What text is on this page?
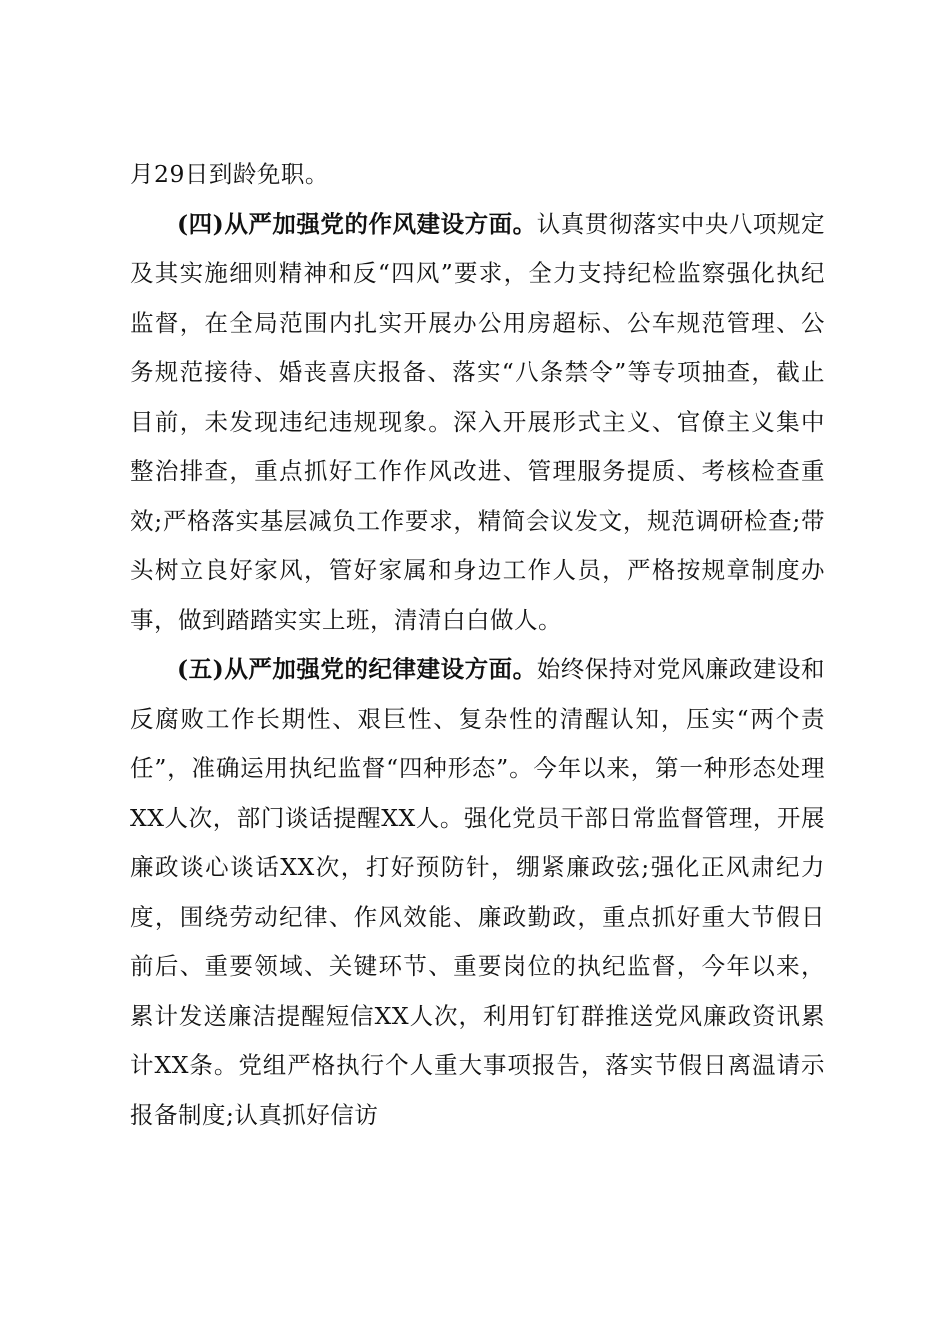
月29日到龄免职。

(四)从严加强党的作风建设方面。认真贯彻落实中央八项规定及其实施细则精神和反“四风”要求，全力支持纪检监察强化执纪监督，在全局范围内扎实开展办公用房超标、公车规范管理、公务规范接待、婚丧喜庆报备、落实“八条禁令”等专项抽查，截止目前，未发现违纪违规现象。深入开展形式主义、官僚主义集中整治排查，重点抓好工作作风改进、管理服务提质、考核检查重效;严格落实基层减负工作要求，精简会议发文，规范调研检查;带头树立良好家风，管好家属和身边工作人员，严格按规章制度办事，做到踏踏实实上班，清清白白做人。

(五)从严加强党的纪律建设方面。始终保持对党风廉政建设和反腐败工作长期性、艰巨性、复杂性的清醒认知，压实“两个责任”，准确运用执纪监督“四种形态”。今年以来，第一种形态处理XX人次，部门谈话提醒XX人。强化党员干部日常监督管理，开展廉政谈心谈话XX次，打好预防针，绷紧廉政弦;强化正风肃纪力度，围绕劳动纪律、作风效能、廉政勤政，重点抓好重大节假日前后、重要领域、关键环节、重要岗位的执纪监督，今年以来，累计发送廉洁提醒短信XX人次，利用钉钉群推送党风廉政资讯累计XX条。党组严格执行个人重大事项报告，落实节假日离温请示报备制度;认真抓好信访
